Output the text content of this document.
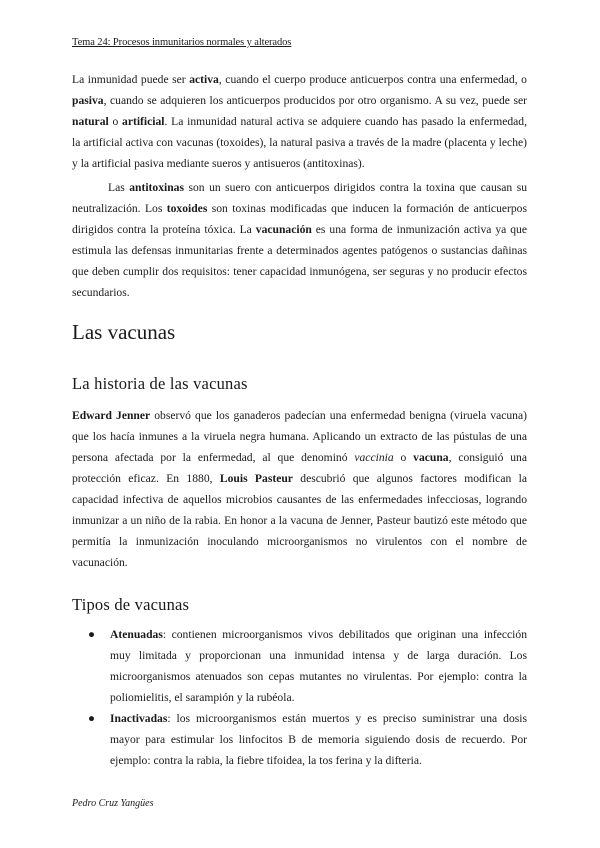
Tema 24: Procesos inmunitarios normales y alterados

La inmunidad puede ser activa, cuando el cuerpo produce anticuerpos contra una enfermedad, o pasiva, cuando se adquieren los anticuerpos producidos por otro organismo. A su vez, puede ser natural o artificial. La inmunidad natural activa se adquiere cuando has pasado la enfermedad, la artificial activa con vacunas (toxoides), la natural pasiva a través de la madre (placenta y leche) y la artificial pasiva mediante sueros y antisueros (antitoxinas).

Las antitoxinas son un suero con anticuerpos dirigidos contra la toxina que causan su neutralización. Los toxoides son toxinas modificadas que inducen la formación de anticuerpos dirigidos contra la proteína tóxica. La vacunación es una forma de inmunización activa ya que estimula las defensas inmunitarias frente a determinados agentes patógenos o sustancias dañinas que deben cumplir dos requisitos: tener capacidad inmunógena, ser seguras y no producir efectos secundarios.

Las vacunas
La historia de las vacunas

Edward Jenner observó que los ganaderos padecían una enfermedad benigna (viruela vacuna) que los hacía inmunes a la viruela negra humana. Aplicando un extracto de las pústulas de una persona afectada por la enfermedad, al que denominó vaccinia o vacuna, consiguió una protección eficaz. En 1880, Louis Pasteur descubrió que algunos factores modifican la capacidad infectiva de aquellos microbios causantes de las enfermedades infecciosas, logrando inmunizar a un niño de la rabia. En honor a la vacuna de Jenner, Pasteur bautizó este método que permitía la inmunización inoculando microorganismos no virulentos con el nombre de vacunación.

Tipos de vacunas
● Atenuadas: contienen microorganismos vivos debilitados que originan una infección muy limitada y proporcionan una inmunidad intensa y de larga duración. Los microorganismos atenuados son cepas mutantes no virulentas. Por ejemplo: contra la poliomielitis, el sarampión y la rubéola.
● Inactivadas: los microorganismos están muertos y es preciso suministrar una dosis mayor para estimular los linfocitos B de memoria siguiendo dosis de recuerdo. Por ejemplo: contra la rabia, la fiebre tifoidea, la tos ferina y la difteria.
Pedro Cruz Yangües
